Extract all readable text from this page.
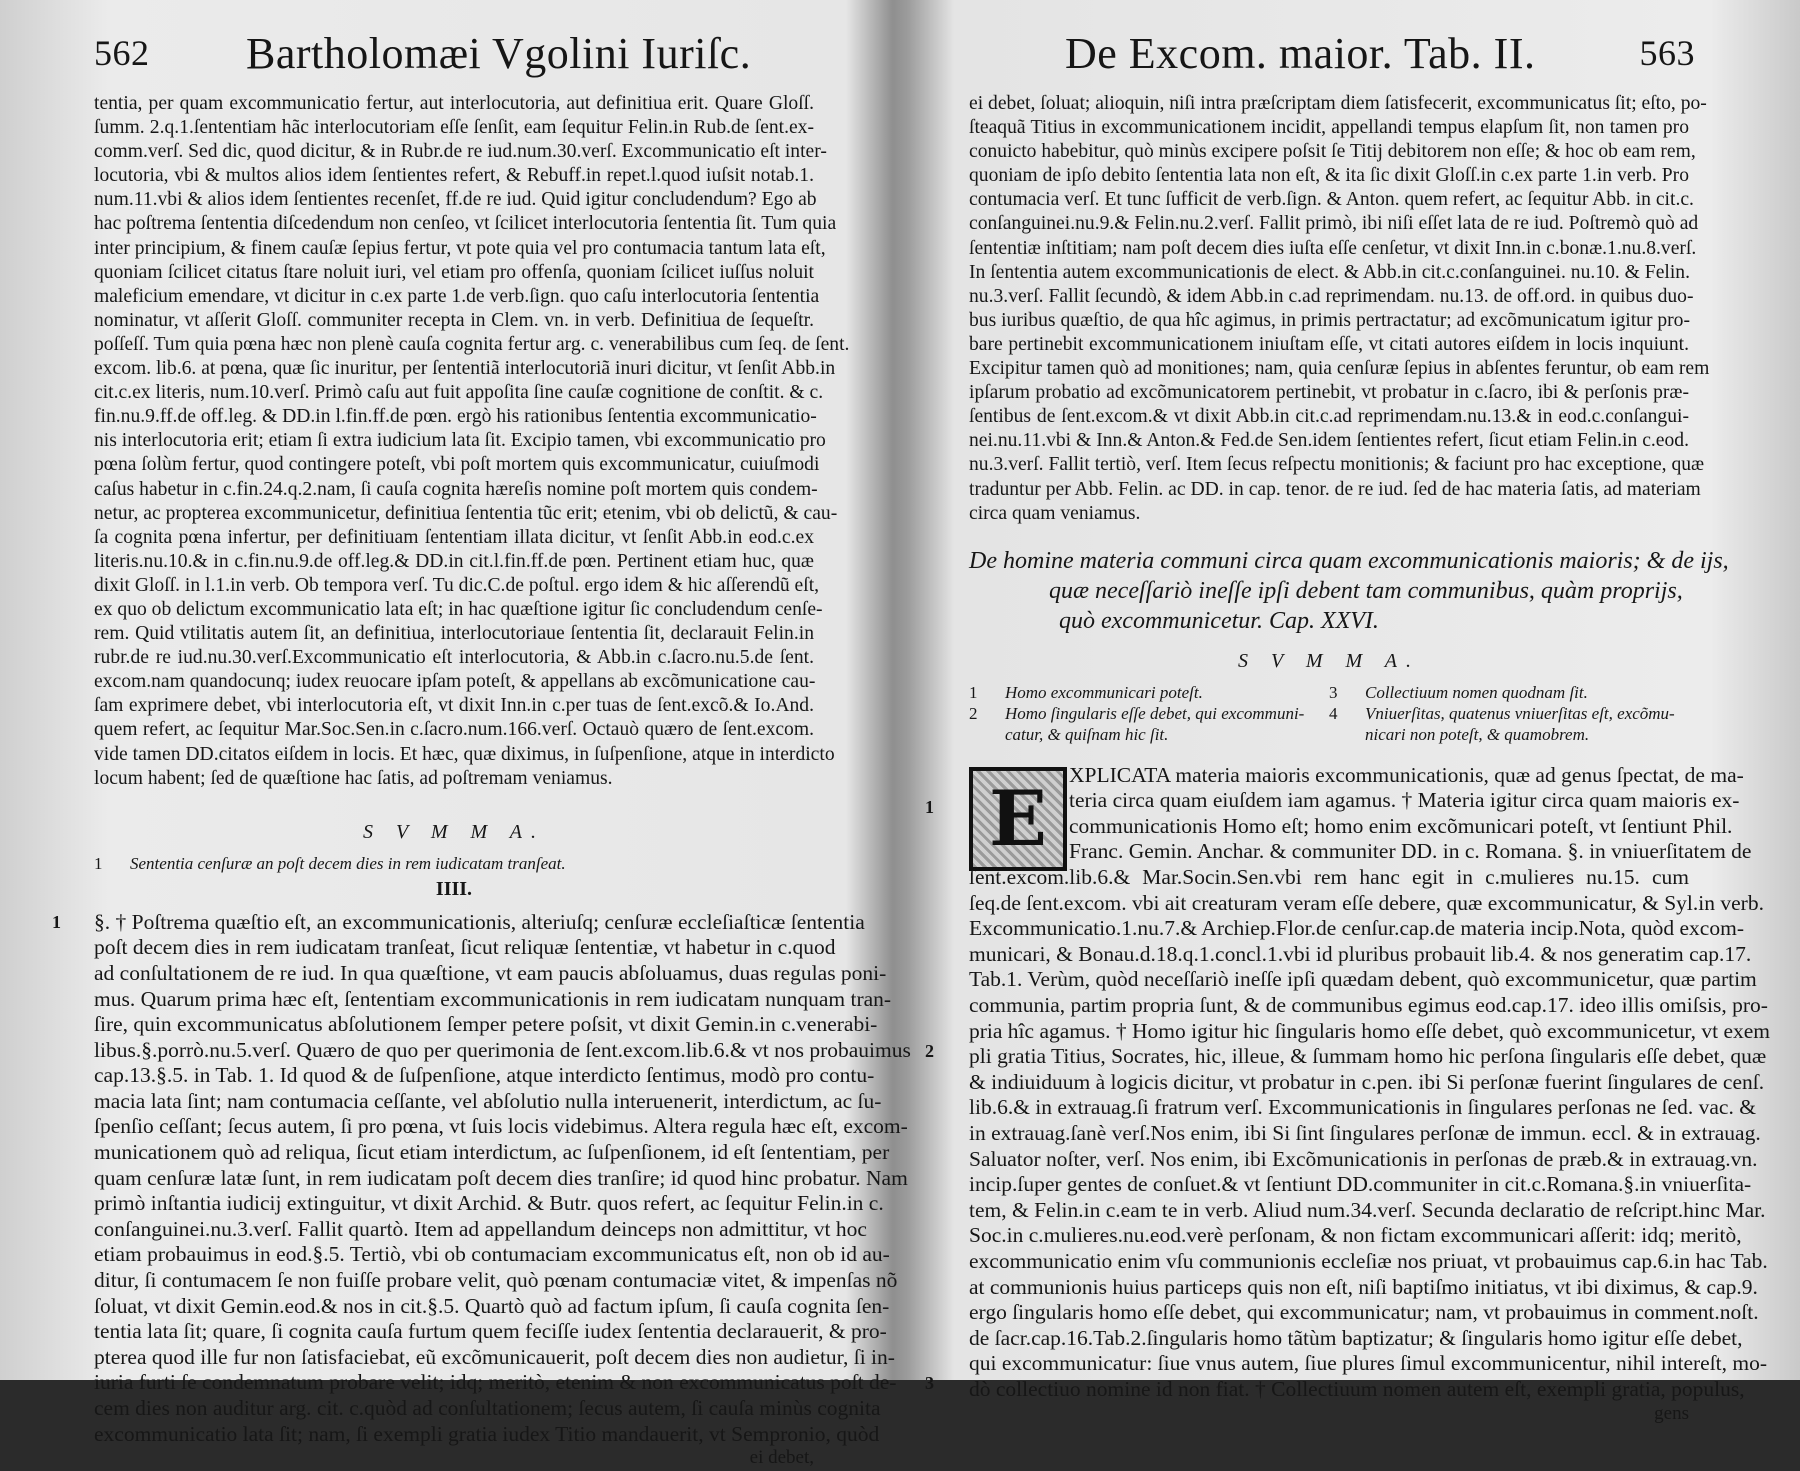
562 Bartholomæi Vgolini Iuriſc.
tentia, per quam excommunicatio fertur, aut interlocutoria, aut definitiua erit. Quare Gloſſ.
ſumm. 2.q.1.ſententiam hãc interlocutoriam eſſe ſenſit, eam ſequitur Felin.in Rub.de ſent.ex-
comm.verſ. Sed dic, quod dicitur, & in Rubr.de re iud.num.30.verſ. Excommunicatio eſt inter-
locutoria, vbi & multos alios idem ſentientes refert, & Rebuff.in repet.l.quod iuſsit notab.1.
num.11.vbi & alios idem ſentientes recenſet, ff.de re iud. Quid igitur concludendum? Ego ab
hac poſtrema ſententia diſcedendum non cenſeo, vt ſcilicet interlocutoria ſententia ſit. Tum quia
inter principium, & finem cauſæ ſepius fertur, vt pote quia vel pro contumacia tantum lata eſt,
quoniam ſcilicet citatus ſtare noluit iuri, vel etiam pro offenſa, quoniam ſcilicet iuſſus noluit
maleficium emendare, vt dicitur in c.ex parte 1.de verb.ſign. quo caſu interlocutoria ſententia
nominatur, vt aſſerit Gloſſ. communiter recepta in Clem. vn. in verb. Definitiua de ſequeſtr.
poſſeſſ. Tum quia pœna hæc non plenè cauſa cognita fertur arg. c. venerabilibus cum ſeq. de ſent.
excom. lib.6. at pœna, quæ ſic inuritur, per ſententiã interlocutoriã inuri dicitur, vt ſenſit Abb.in
cit.c.ex literis, num.10.verſ. Primò caſu aut fuit appoſita ſine cauſæ cognitione de conſtit. & c.
fin.nu.9.ff.de off.leg. & DD.in l.fin.ff.de pœn. ergò his rationibus ſententia excommunicatio-
nis interlocutoria erit; etiam ſi extra iudicium lata ſit. Excipio tamen, vbi excommunicatio pro
pœna ſolùm fertur, quod contingere poteſt, vbi poſt mortem quis excommunicatur, cuiuſmodi
caſus habetur in c.fin.24.q.2.nam, ſi cauſa cognita hæreſis nomine poſt mortem quis condem-
netur, ac propterea excommunicetur, definitiua ſententia tũc erit; etenim, vbi ob delictũ, & cau-
ſa cognita pœna infertur, per definitiuam ſententiam illata dicitur, vt ſenſit Abb.in eod.c.ex
literis.nu.10.& in c.fin.nu.9.de off.leg.& DD.in cit.l.fin.ff.de pœn. Pertinent etiam huc, quæ
dixit Gloſſ. in l.1.in verb. Ob tempora verſ. Tu dic.C.de poſtul. ergo idem & hic aſſerendũ eſt,
ex quo ob delictum excommunicatio lata eſt; in hac quæſtione igitur ſic concludendum cenſe-
rem. Quid vtilitatis autem ſit, an definitiua, interlocutoriaue ſententia ſit, declarauit Felin.in
rubr.de re iud.nu.30.verſ.Excommunicatio eſt interlocutoria, & Abb.in c.ſacro.nu.5.de ſent.
excom.nam quandocunq; iudex reuocare ipſam poteſt, & appellans ab excõmunicatione cau-
ſam exprimere debet, vbi interlocutoria eſt, vt dixit Inn.in c.per tuas de ſent.excõ.& Io.And.
quem refert, ac ſequitur Mar.Soc.Sen.in c.ſacro.num.166.verſ. Octauò quæro de ſent.excom.
vide tamen DD.citatos eiſdem in locis. Et hæc, quæ diximus, in ſuſpenſione, atque in interdicto
locum habent; ſed de quæſtione hac ſatis, ad poſtremam veniamus.

S V M M A.
1 Sententia cenſuræ an poſt decem dies in rem iudicatam tranſeat.
IIII.
1 §. † Poſtrema quæſtio eſt, an excommunicationis, alteriuſq; cenſuræ eccleſiaſticæ ſententia
poſt decem dies in rem iudicatam tranſeat, ſicut reliquæ ſententiæ, vt habetur in c.quod
ad conſultationem de re iud. In qua quæſtione, vt eam paucis abſoluamus, duas regulas poni-
mus. Quarum prima hæc eſt, ſententiam excommunicationis in rem iudicatam nunquam tran-
ſire, quin excommunicatus abſolutionem ſemper petere poſsit, vt dixit Gemin.in c.venerabi-
libus.§.porrò.nu.5.verſ. Quæro de quo per querimonia de ſent.excom.lib.6.& vt nos probauimus
cap.13.§.5. in Tab. 1. Id quod & de ſuſpenſione, atque interdicto ſentimus, modò pro contu-
macia lata ſint; nam contumacia ceſſante, vel abſolutio nulla interuenerit, interdictum, ac ſu-
ſpenſio ceſſant; ſecus autem, ſi pro pœna, vt ſuis locis videbimus. Altera regula hæc eſt, excom-
municationem quò ad reliqua, ſicut etiam interdictum, ac ſuſpenſionem, id eſt ſententiam, per
quam cenſuræ latæ ſunt, in rem iudicatam poſt decem dies tranſire; id quod hinc probatur. Nam
primò inſtantia iudicij extinguitur, vt dixit Archid. & Butr. quos refert, ac ſequitur Felin.in c.
conſanguinei.nu.3.verſ. Fallit quartò. Item ad appellandum deinceps non admittitur, vt hoc
etiam probauimus in eod.§.5. Tertiò, vbi ob contumaciam excommunicatus eſt, non ob id au-
ditur, ſi contumacem ſe non fuiſſe probare velit, quò pœnam contumaciæ vitet, & impenſas nõ
ſoluat, vt dixit Gemin.eod.& nos in cit.§.5. Quartò quò ad factum ipſum, ſi cauſa cognita ſen-
tentia lata ſit; quare, ſi cognita cauſa furtum quem feciſſe iudex ſententia declarauerit, & pro-
pterea quod ille fur non ſatisfaciebat, eũ excõmunicauerit, poſt decem dies non audietur, ſi in-
iuria furti ſe condemnatum probare velit; idq; meritò, etenim & non excommunicatus poſt de-
cem dies non auditur arg. cit. c.quòd ad conſultationem; ſecus autem, ſi cauſa minùs cognita
excommunicatio lata ſit; nam, ſi exempli gratia iudex Titio mandauerit, vt Sempronio, quòd
ei debet,
De Excom. maior. Tab. II.	563
ei debet, ſoluat; alioquin, niſi intra præſcriptam diem ſatisfecerit, excommunicatus ſit; eſto, po-
ſteaquã Titius in excommunicationem incidit, appellandi tempus elapſum ſit, non tamen pro
conuicto habebitur, quò minùs excipere poſsit ſe Titij debitorem non eſſe; & hoc ob eam rem,
quoniam de ipſo debito ſententia lata non eſt, & ita ſic dixit Gloſſ.in c.ex parte 1.in verb. Pro
contumacia verſ. Et tunc ſufficit de verb.ſign. & Anton. quem refert, ac ſequitur Abb. in cit.c.
conſanguinei.nu.9.& Felin.nu.2.verſ. Fallit primò, ibi niſi eſſet lata de re iud. Poſtremò quò ad
ſententiæ inſtitiam; nam poſt decem dies iuſta eſſe cenſetur, vt dixit Inn.in c.bonæ.1.nu.8.verſ.
In ſententia autem excommunicationis de elect. & Abb.in cit.c.conſanguinei. nu.10. & Felin.
nu.3.verſ. Fallit ſecundò, & idem Abb.in c.ad reprimendam. nu.13. de off.ord. in quibus duo-
bus iuribus quæſtio, de qua hîc agimus, in primis pertractatur; ad excõmunicatum igitur pro-
bare pertinebit excommunicationem iniuſtam eſſe, vt citati autores eiſdem in locis inquiunt.
Excipitur tamen quò ad monitiones; nam, quia cenſuræ ſepius in abſentes feruntur, ob eam rem
ipſarum probatio ad excõmunicatorem pertinebit, vt probatur in c.ſacro, ibi & perſonis præ-
ſentibus de ſent.excom.& vt dixit Abb.in cit.c.ad reprimendam.nu.13.& in eod.c.conſangui-
nei.nu.11.vbi & Inn.& Anton.& Fed.de Sen.idem ſentientes refert, ſicut etiam Felin.in c.eod.
nu.3.verſ. Fallit tertiò, verſ. Item ſecus reſpectu monitionis; & faciunt pro hac exceptione, quæ
traduntur per Abb. Felin. ac DD. in cap. tenor. de re iud. ſed de hac materia ſatis, ad materiam
circa quam veniamus.
De homine materia communi circa quam excommunicationis maioris; & de ijs,
quæ neceſſariò ineſſe ipſi debent tam communibus, quàm proprijs,
quò excommunicetur. Cap. XXVI.
S V M M A.
1 Homo excommunicari poteſt.
2 Homo ſingularis eſſe debet, qui excommuni-
catur, & quiſnam hic ſit.
3 Collectiuum nomen quodnam ſit.
4 Vniuerſitas, quatenus vniuerſitas eſt, excõmu-
nicari non poteſt, & quamobrem.
E
1
XPLICATA materia maioris excommunicationis, quæ ad genus ſpectat, de ma-
teria circa quam eiuſdem iam agamus. † Materia igitur circa quam maioris ex-
communicationis Homo eſt; homo enim excõmunicari poteſt, vt ſentiunt Phil.
Franc. Gemin. Anchar. & communiter DD. in c. Romana. §. in vniuerſitatem de
2
3
ſent.excom.lib.6.& Mar.Socin.Sen.vbi rem hanc egit in c.mulieres nu.15. cum
ſeq.de ſent.excom. vbi ait creaturam veram eſſe debere, quæ excommunicatur, & Syl.in verb.
Excommunicatio.1.nu.7.& Archiep.Flor.de cenſur.cap.de materia incip.Nota, quòd excom-
municari, & Bonau.d.18.q.1.concl.1.vbi id pluribus probauit lib.4. & nos generatim cap.17.
Tab.1. Verùm, quòd neceſſariò ineſſe ipſi quædam debent, quò excommunicetur, quæ partim
communia, partim propria ſunt, & de communibus egimus eod.cap.17. ideo illis omiſsis, pro-
pria hîc agamus. † Homo igitur hic ſingularis homo eſſe debet, quò excommunicetur, vt exem
pli gratia Titius, Socrates, hic, illeue, & ſummam homo hic perſona ſingularis eſſe debet, quæ
& indiuiduum à logicis dicitur, vt probatur in c.pen. ibi Si perſonæ fuerint ſingulares de cenſ.
lib.6.& in extrauag.ſi fratrum verſ. Excommunicationis in ſingulares perſonas ne ſed. vac. &
in extrauag.ſanè verſ.Nos enim, ibi Si ſint ſingulares perſonæ de immun. eccl. & in extrauag.
Saluator noſter, verſ. Nos enim, ibi Excõmunicationis in perſonas de præb.& in extrauag.vn.
incip.ſuper gentes de conſuet.& vt ſentiunt DD.communiter in cit.c.Romana.§.in vniuerſita-
tem, & Felin.in c.eam te in verb. Aliud num.34.verſ. Secunda declaratio de reſcript.hinc Mar.
Soc.in c.mulieres.nu.eod.verè perſonam, & non fictam excommunicari aſſerit: idq; meritò,
excommunicatio enim vſu communionis eccleſiæ nos priuat, vt probauimus cap.6.in hac Tab.
at communionis huius particeps quis non eſt, niſi baptiſmo initiatus, vt ibi diximus, & cap.9.
ergo ſingularis homo eſſe debet, qui excommunicatur; nam, vt probauimus in comment.noſt.
de ſacr.cap.16.Tab.2.ſingularis homo tãtùm baptizatur; & ſingularis homo igitur eſſe debet,
qui excommunicatur: ſiue vnus autem, ſiue plures ſimul excommunicentur, nihil intereſt, mo-
dò collectiuo nomine id non fiat. † Collectiuum nomen autem eſt, exempli gratia, populus,
gens
